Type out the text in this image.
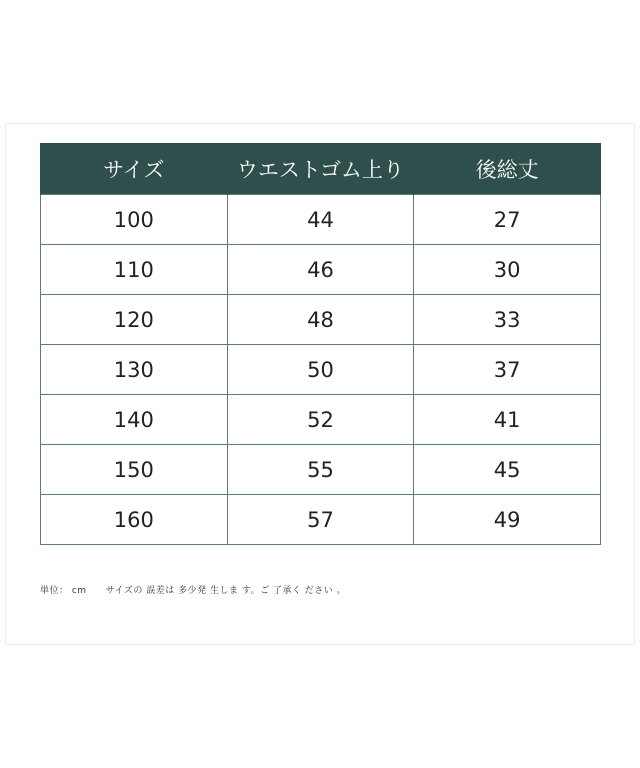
サイズ	ウエストゴム上り	後総丈
100	44	27
110	46	30
120	48	33
130	50	37
140	52	41
150	55	45
160	57	49
単位： cm　　サイズの 誤差は 多少発 生しま す。ご 了承く ださい 。
